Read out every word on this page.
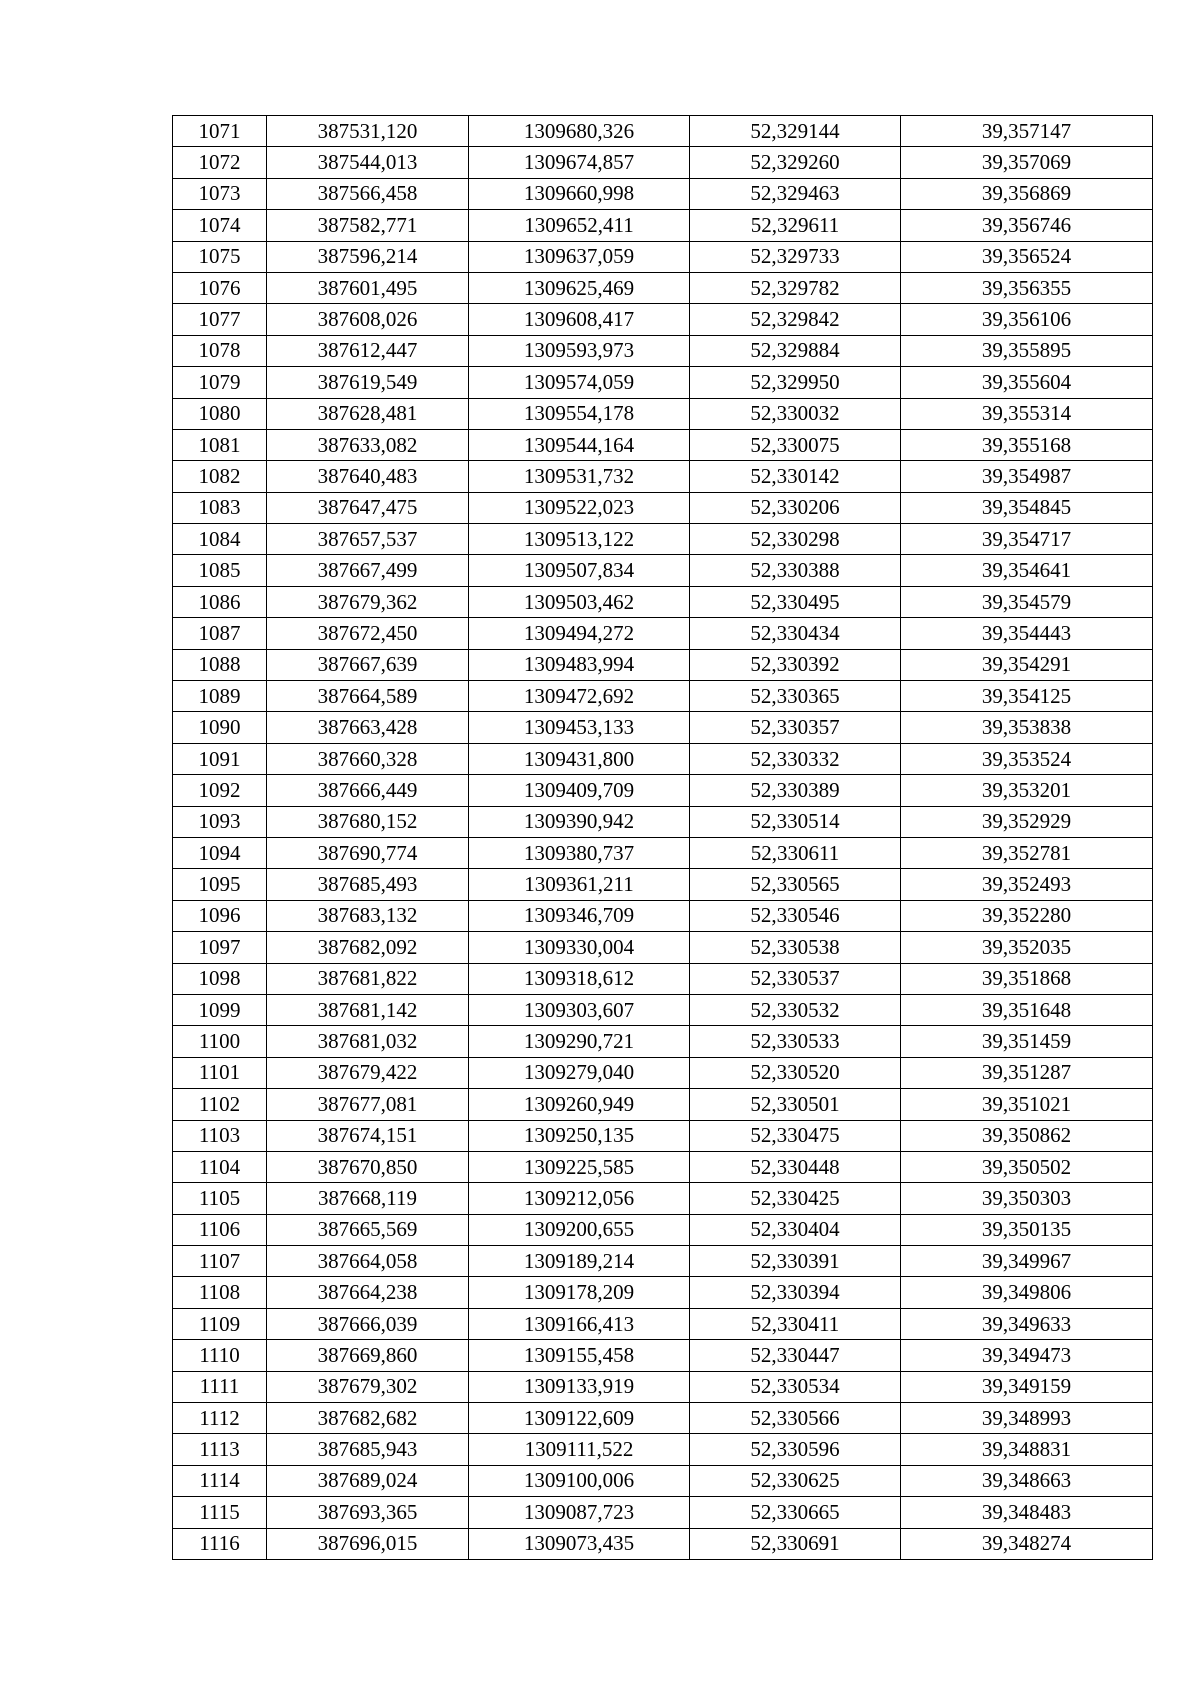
1071	387531,120	1309680,326	52,329144	39,357147
1072	387544,013	1309674,857	52,329260	39,357069
1073	387566,458	1309660,998	52,329463	39,356869
1074	387582,771	1309652,411	52,329611	39,356746
1075	387596,214	1309637,059	52,329733	39,356524
1076	387601,495	1309625,469	52,329782	39,356355
1077	387608,026	1309608,417	52,329842	39,356106
1078	387612,447	1309593,973	52,329884	39,355895
1079	387619,549	1309574,059	52,329950	39,355604
1080	387628,481	1309554,178	52,330032	39,355314
1081	387633,082	1309544,164	52,330075	39,355168
1082	387640,483	1309531,732	52,330142	39,354987
1083	387647,475	1309522,023	52,330206	39,354845
1084	387657,537	1309513,122	52,330298	39,354717
1085	387667,499	1309507,834	52,330388	39,354641
1086	387679,362	1309503,462	52,330495	39,354579
1087	387672,450	1309494,272	52,330434	39,354443
1088	387667,639	1309483,994	52,330392	39,354291
1089	387664,589	1309472,692	52,330365	39,354125
1090	387663,428	1309453,133	52,330357	39,353838
1091	387660,328	1309431,800	52,330332	39,353524
1092	387666,449	1309409,709	52,330389	39,353201
1093	387680,152	1309390,942	52,330514	39,352929
1094	387690,774	1309380,737	52,330611	39,352781
1095	387685,493	1309361,211	52,330565	39,352493
1096	387683,132	1309346,709	52,330546	39,352280
1097	387682,092	1309330,004	52,330538	39,352035
1098	387681,822	1309318,612	52,330537	39,351868
1099	387681,142	1309303,607	52,330532	39,351648
1100	387681,032	1309290,721	52,330533	39,351459
1101	387679,422	1309279,040	52,330520	39,351287
1102	387677,081	1309260,949	52,330501	39,351021
1103	387674,151	1309250,135	52,330475	39,350862
1104	387670,850	1309225,585	52,330448	39,350502
1105	387668,119	1309212,056	52,330425	39,350303
1106	387665,569	1309200,655	52,330404	39,350135
1107	387664,058	1309189,214	52,330391	39,349967
1108	387664,238	1309178,209	52,330394	39,349806
1109	387666,039	1309166,413	52,330411	39,349633
1110	387669,860	1309155,458	52,330447	39,349473
1111	387679,302	1309133,919	52,330534	39,349159
1112	387682,682	1309122,609	52,330566	39,348993
1113	387685,943	1309111,522	52,330596	39,348831
1114	387689,024	1309100,006	52,330625	39,348663
1115	387693,365	1309087,723	52,330665	39,348483
1116	387696,015	1309073,435	52,330691	39,348274
